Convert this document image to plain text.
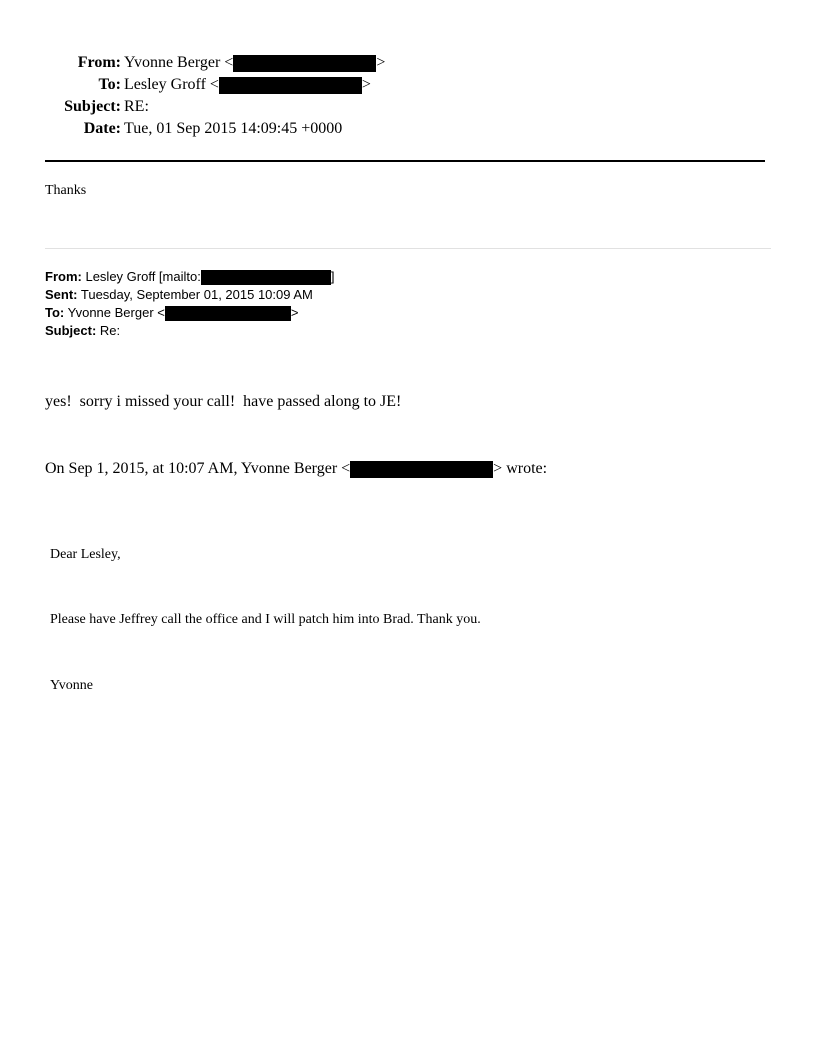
From: Yvonne Berger <	>
To: Lesley Groff <	>
Subject: RE:
Date: Tue, 01 Sep 2015 14:09:45 +0000
Thanks
From: Lesley Groff [mailto:	]
Sent: Tuesday, September 01, 2015 10:09 AM
To: Yvonne Berger <	>
Subject: Re:
yes!  sorry i missed your call!  have passed along to JE!
On Sep 1, 2015, at 10:07 AM, Yvonne Berger <	> wrote:
Dear Lesley,
Please have Jeffrey call the office and I will patch him into Brad. Thank you.
Yvonne
